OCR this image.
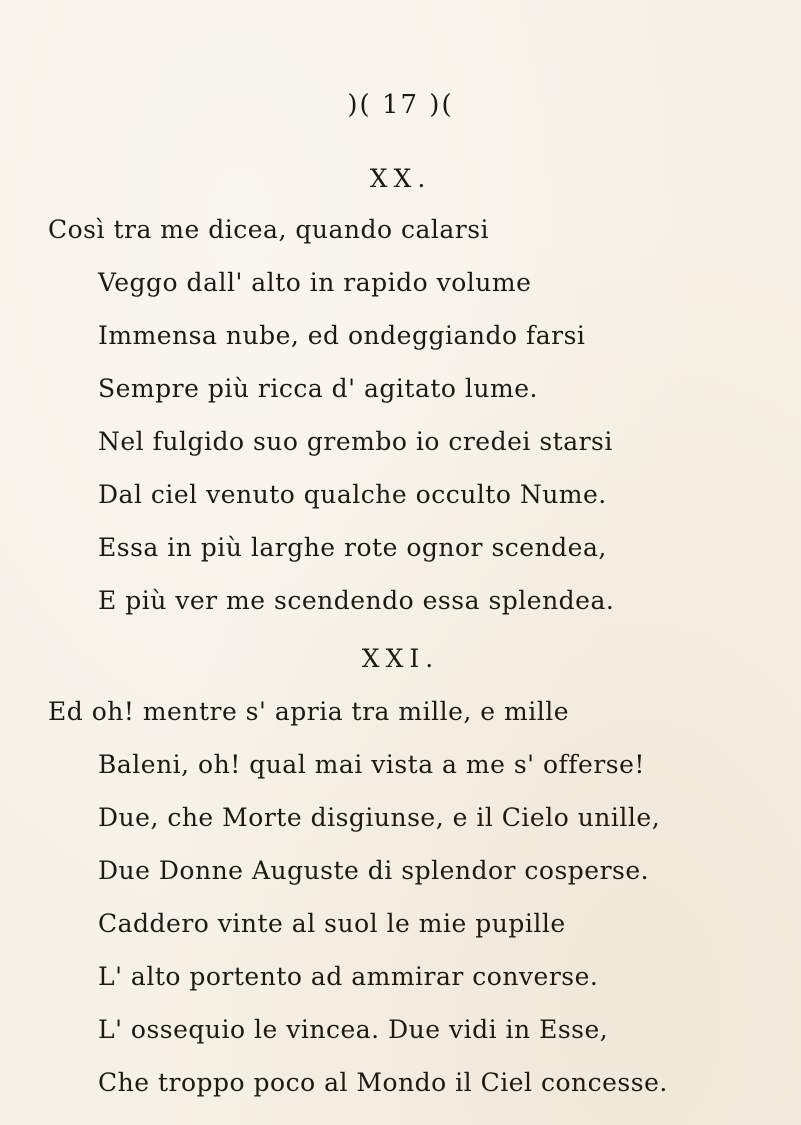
)( 17 )(
XX.
Così tra me dicea, quando calarsi
Veggo dall' alto in rapido volume
Immensa nube, ed ondeggiando farsi
Sempre più ricca d' agitato lume.
Nel fulgido suo grembo io credei starsi
Dal ciel venuto qualche occulto Nume.
Essa in più larghe rote ognor scendea,
E più ver me scendendo essa splendea.
XXI.
Ed oh! mentre s' apria tra mille, e mille
Baleni, oh! qual mai vista a me s' offerse!
Due, che Morte disgiunse, e il Cielo unille,
Due Donne Auguste di splendor cosperse.
Caddero vinte al suol le mie pupille
L' alto portento ad ammirar converse.
L' ossequio le vincea. Due vidi in Esse,
Che troppo poco al Mondo il Ciel concesse.
